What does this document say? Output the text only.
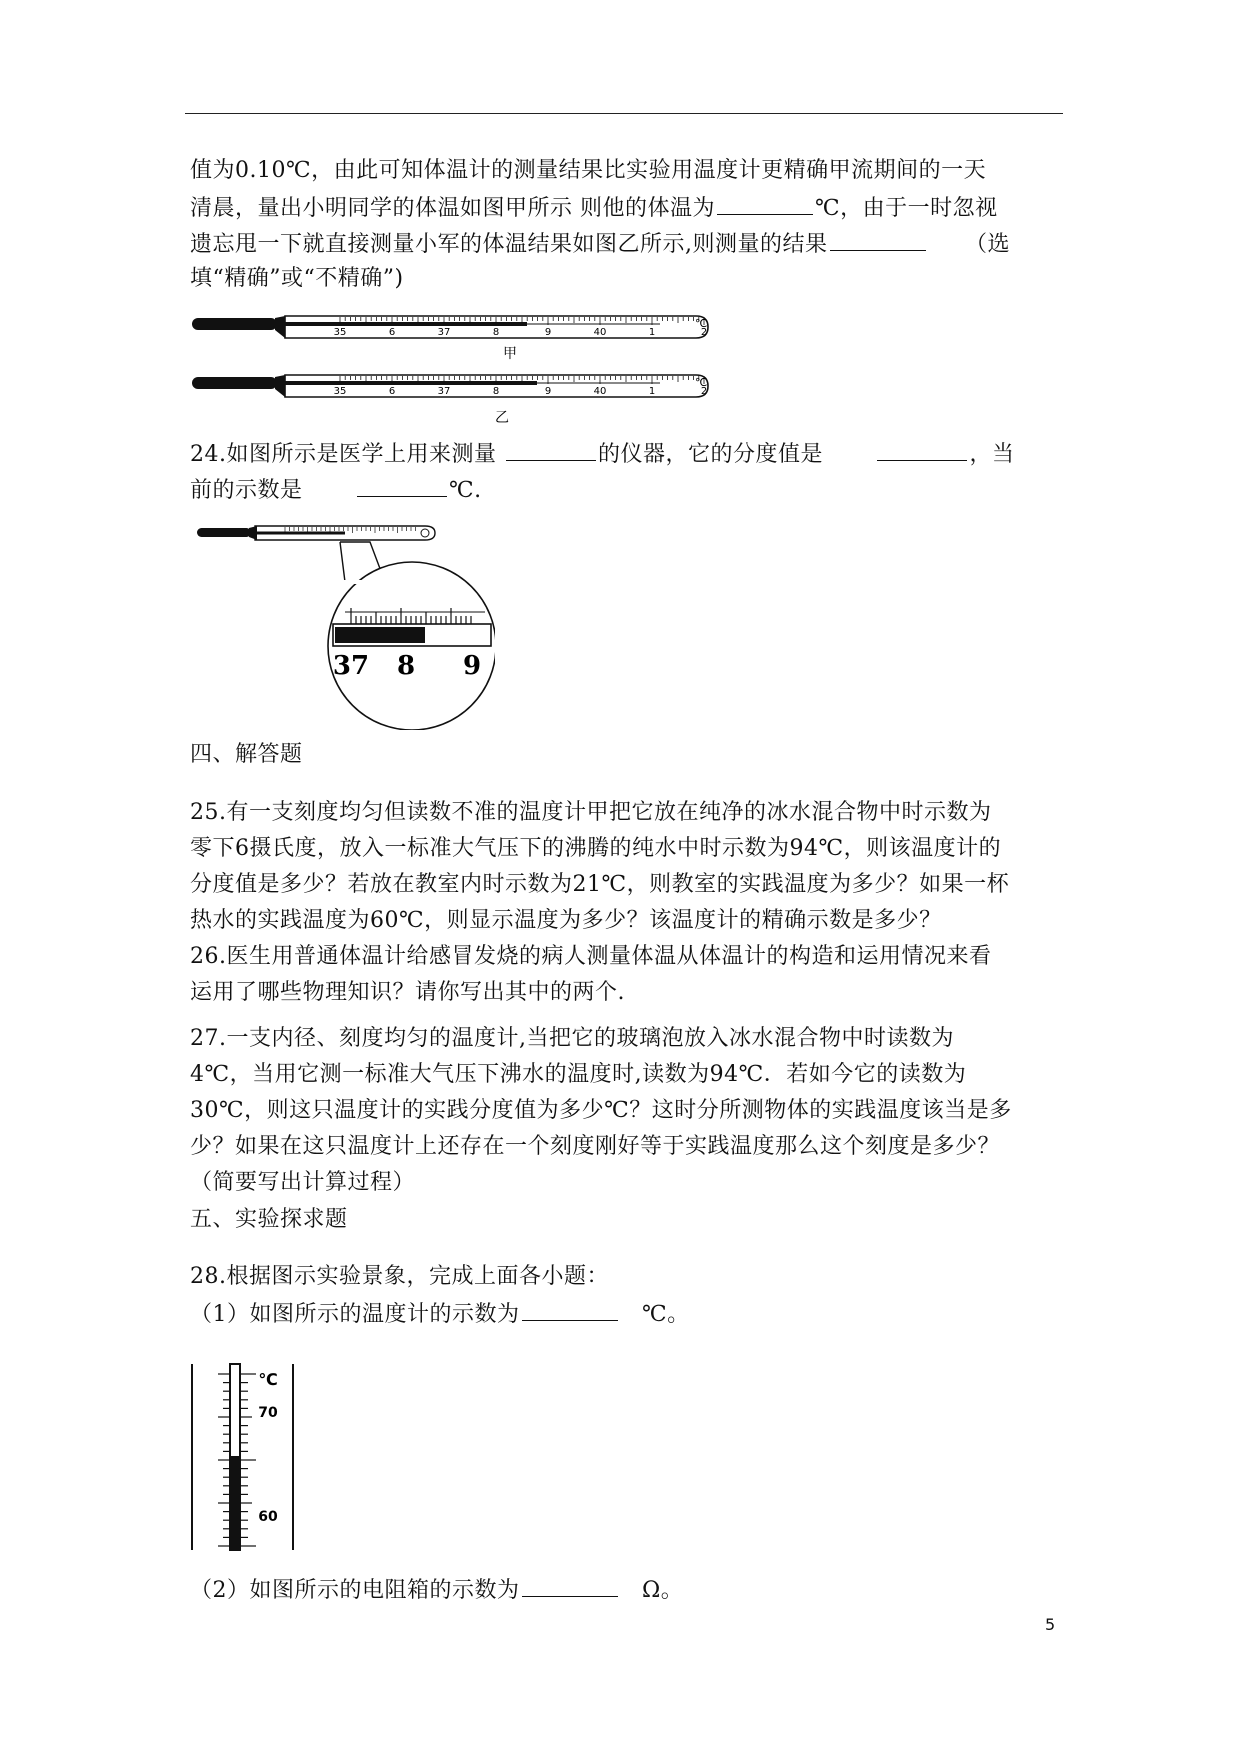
值为0.10℃，由此可知体温计的测量结果比实验用温度计更精确甲流期间的一天
清晨，量出小明同学的体温如图甲所示 则他的体温为	℃，由于一时忽视
遗忘甩一下就直接测量小军的体温结果如图乙所示,则测量的结果	（选
填“精确”或“不精确”)
35	6	37	8	9	40	1	2
℃
35	6	37	8	9	40	1	2
℃
甲
乙
24.如图所示是医学上用来测量	的仪器，它的分度值是	，当
前的示数是	℃.
37 8 9
四、解答题
25.有一支刻度均匀但读数不准的温度计甲把它放在纯净的冰水混合物中时示数为
零下6摄氏度，放入一标准大气压下的沸腾的纯水中时示数为94℃，则该温度计的
分度值是多少？若放在教室内时示数为21℃，则教室的实践温度为多少？如果一杯
热水的实践温度为60℃，则显示温度为多少？该温度计的精确示数是多少？
26.医生用普通体温计给感冒发烧的病人测量体温从体温计的构造和运用情况来看
运用了哪些物理知识？请你写出其中的两个.
27.一支内径、刻度均匀的温度计,当把它的玻璃泡放入冰水混合物中时读数为
4℃，当用它测一标准大气压下沸水的温度时,读数为94℃．若如今它的读数为
30℃，则这只温度计的实践分度值为多少℃？这时分所测物体的实践温度该当是多
少？如果在这只温度计上还存在一个刻度刚好等于实践温度那么这个刻度是多少？
（简要写出计算过程）
五、实验探求题
28.根据图示实验景象，完成上面各小题：
（1）如图所示的温度计的示数为	℃。
℃
70
60
（2）如图所示的电阻箱的示数为	Ω。
5
